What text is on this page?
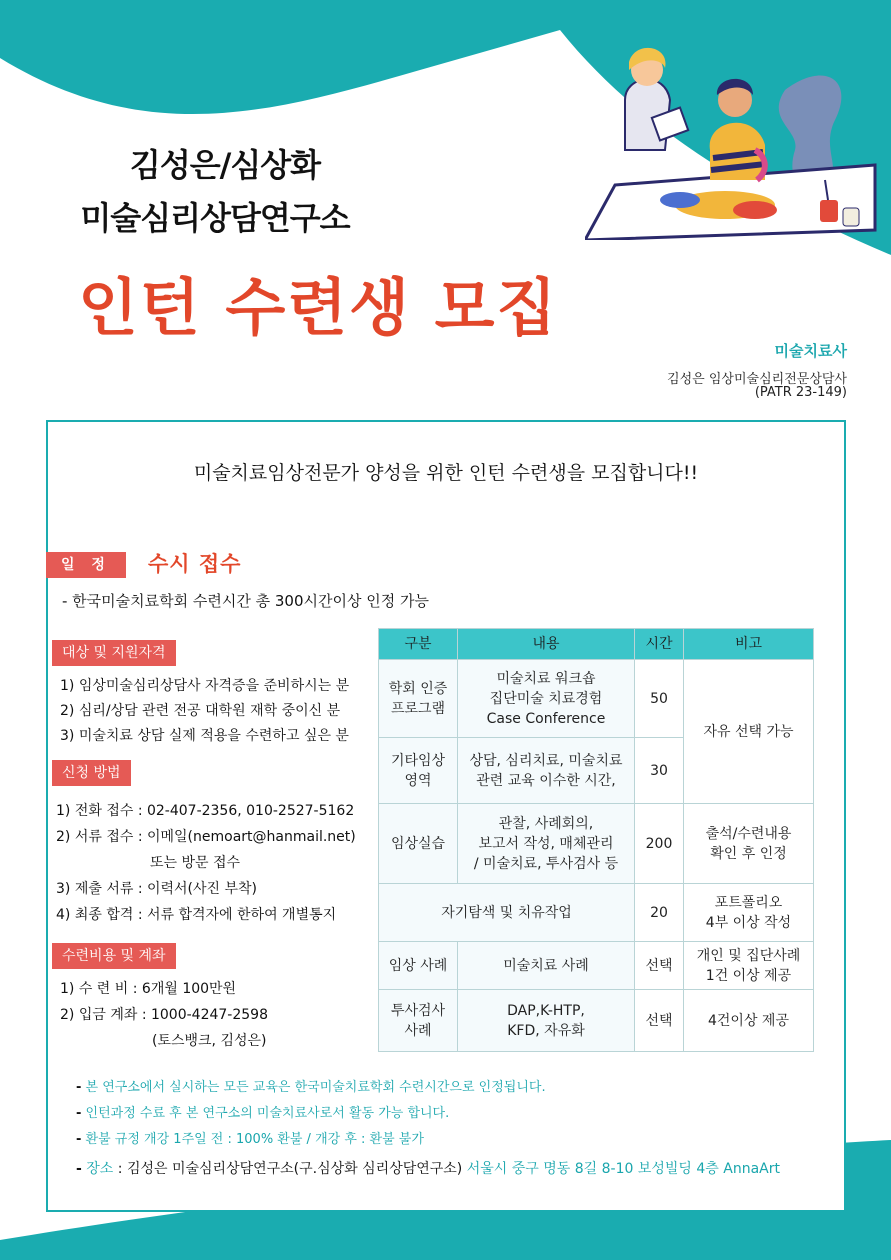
김성은/심상화
미술심리상담연구소
인턴 수련생 모집
미술치료사
김성은 임상미술심리전문상담사
(PATR 23-149)
미술치료임상전문가 양성을 위한 인턴 수련생을 모집합니다!!
일 정	수시 접수
- 한국미술치료학회 수련시간 총 300시간이상 인정 가능
대상 및 지원자격
1) 임상미술심리상담사 자격증을 준비하시는 분
2) 심리/상담 관련 전공 대학원 재학 중이신 분
3) 미술치료 상담 실제 적용을 수련하고 싶은 분
신청 방법
1) 전화 접수 : 02-407-2356, 010-2527-5162
2) 서류 접수 : 이메일(nemoart@hanmail.net)
또는 방문 접수
3) 제출 서류 : 이력서(사진 부착)
4) 최종 합격 : 서류 합격자에 한하여 개별통지
수련비용 및 계좌
1) 수 련 비 : 6개월 100만원
2) 입금 계좌 : 1000-4247-2598
(토스뱅크, 김성은)
구분	내용	시간	비고
학회 인증
프로그램	미술치료 워크숍
집단미술 치료경험
Case Conference	50	자유 선택 가능
기타임상
영역	상담, 심리치료, 미술치료
관련 교육 이수한 시간,	30	
임상실습	관찰, 사례회의,
보고서 작성, 매체관리
/ 미술치료, 투사검사 등	200	출석/수련내용
확인 후 인정
자기탐색 및 치유작업		20	포트폴리오
4부 이상 작성
임상 사례	미술치료 사례	선택	개인 및 집단사례
1건 이상 제공
투사검사
사례	DAP,K-HTP,
KFD, 자유화	선택	4건이상 제공
- 본 연구소에서 실시하는 모든 교육은 한국미술치료학회 수련시간으로 인정됩니다.
- 인턴과정 수료 후 본 연구소의 미술치료사로서 활동 가능 합니다.
- 환불 규정 개강 1주일 전 : 100% 환불 / 개강 후 : 환불 불가
- 장소 : 김성은 미술심리상담연구소(구.심상화 심리상담연구소) 서울시 중구 명동 8길 8-10 보성빌딩 4층 AnnaArt
